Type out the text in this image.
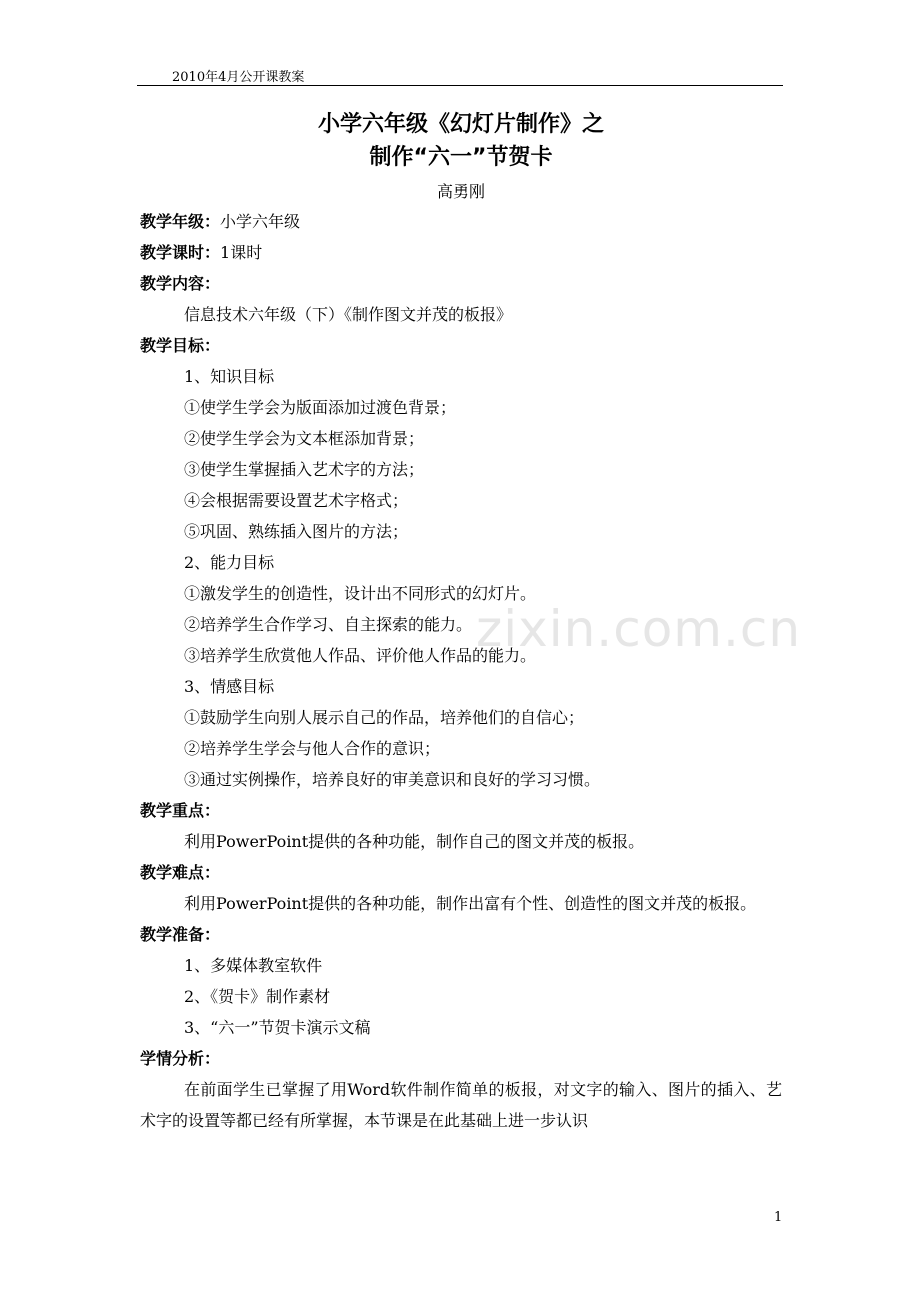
2010年4月公开课教案
zixin.com.cn
小学六年级《幻灯片制作》之
制作“六一”节贺卡
高勇刚
教学年级：小学六年级
教学课时：1课时
教学内容：
信息技术六年级（下）《制作图文并茂的板报》
教学目标：
1、知识目标
①使学生学会为版面添加过渡色背景；
②使学生学会为文本框添加背景；
③使学生掌握插入艺术字的方法；
④会根据需要设置艺术字格式；
⑤巩固、熟练插入图片的方法；
2、能力目标
①激发学生的创造性，设计出不同形式的幻灯片。
②培养学生合作学习、自主探索的能力。
③培养学生欣赏他人作品、评价他人作品的能力。
3、情感目标
①鼓励学生向别人展示自己的作品，培养他们的自信心；
②培养学生学会与他人合作的意识；
③通过实例操作，培养良好的审美意识和良好的学习习惯。
教学重点：
利用PowerPoint提供的各种功能，制作自己的图文并茂的板报。
教学难点：
利用PowerPoint提供的各种功能，制作出富有个性、创造性的图文并茂的板报。
教学准备：
1、多媒体教室软件
2、《贺卡》制作素材
3、“六一”节贺卡演示文稿
学情分析：
在前面学生已掌握了用Word软件制作简单的板报，对文字的输入、图片的插入、艺术字的设置等都已经有所掌握，本节课是在此基础上进一步认识
1
